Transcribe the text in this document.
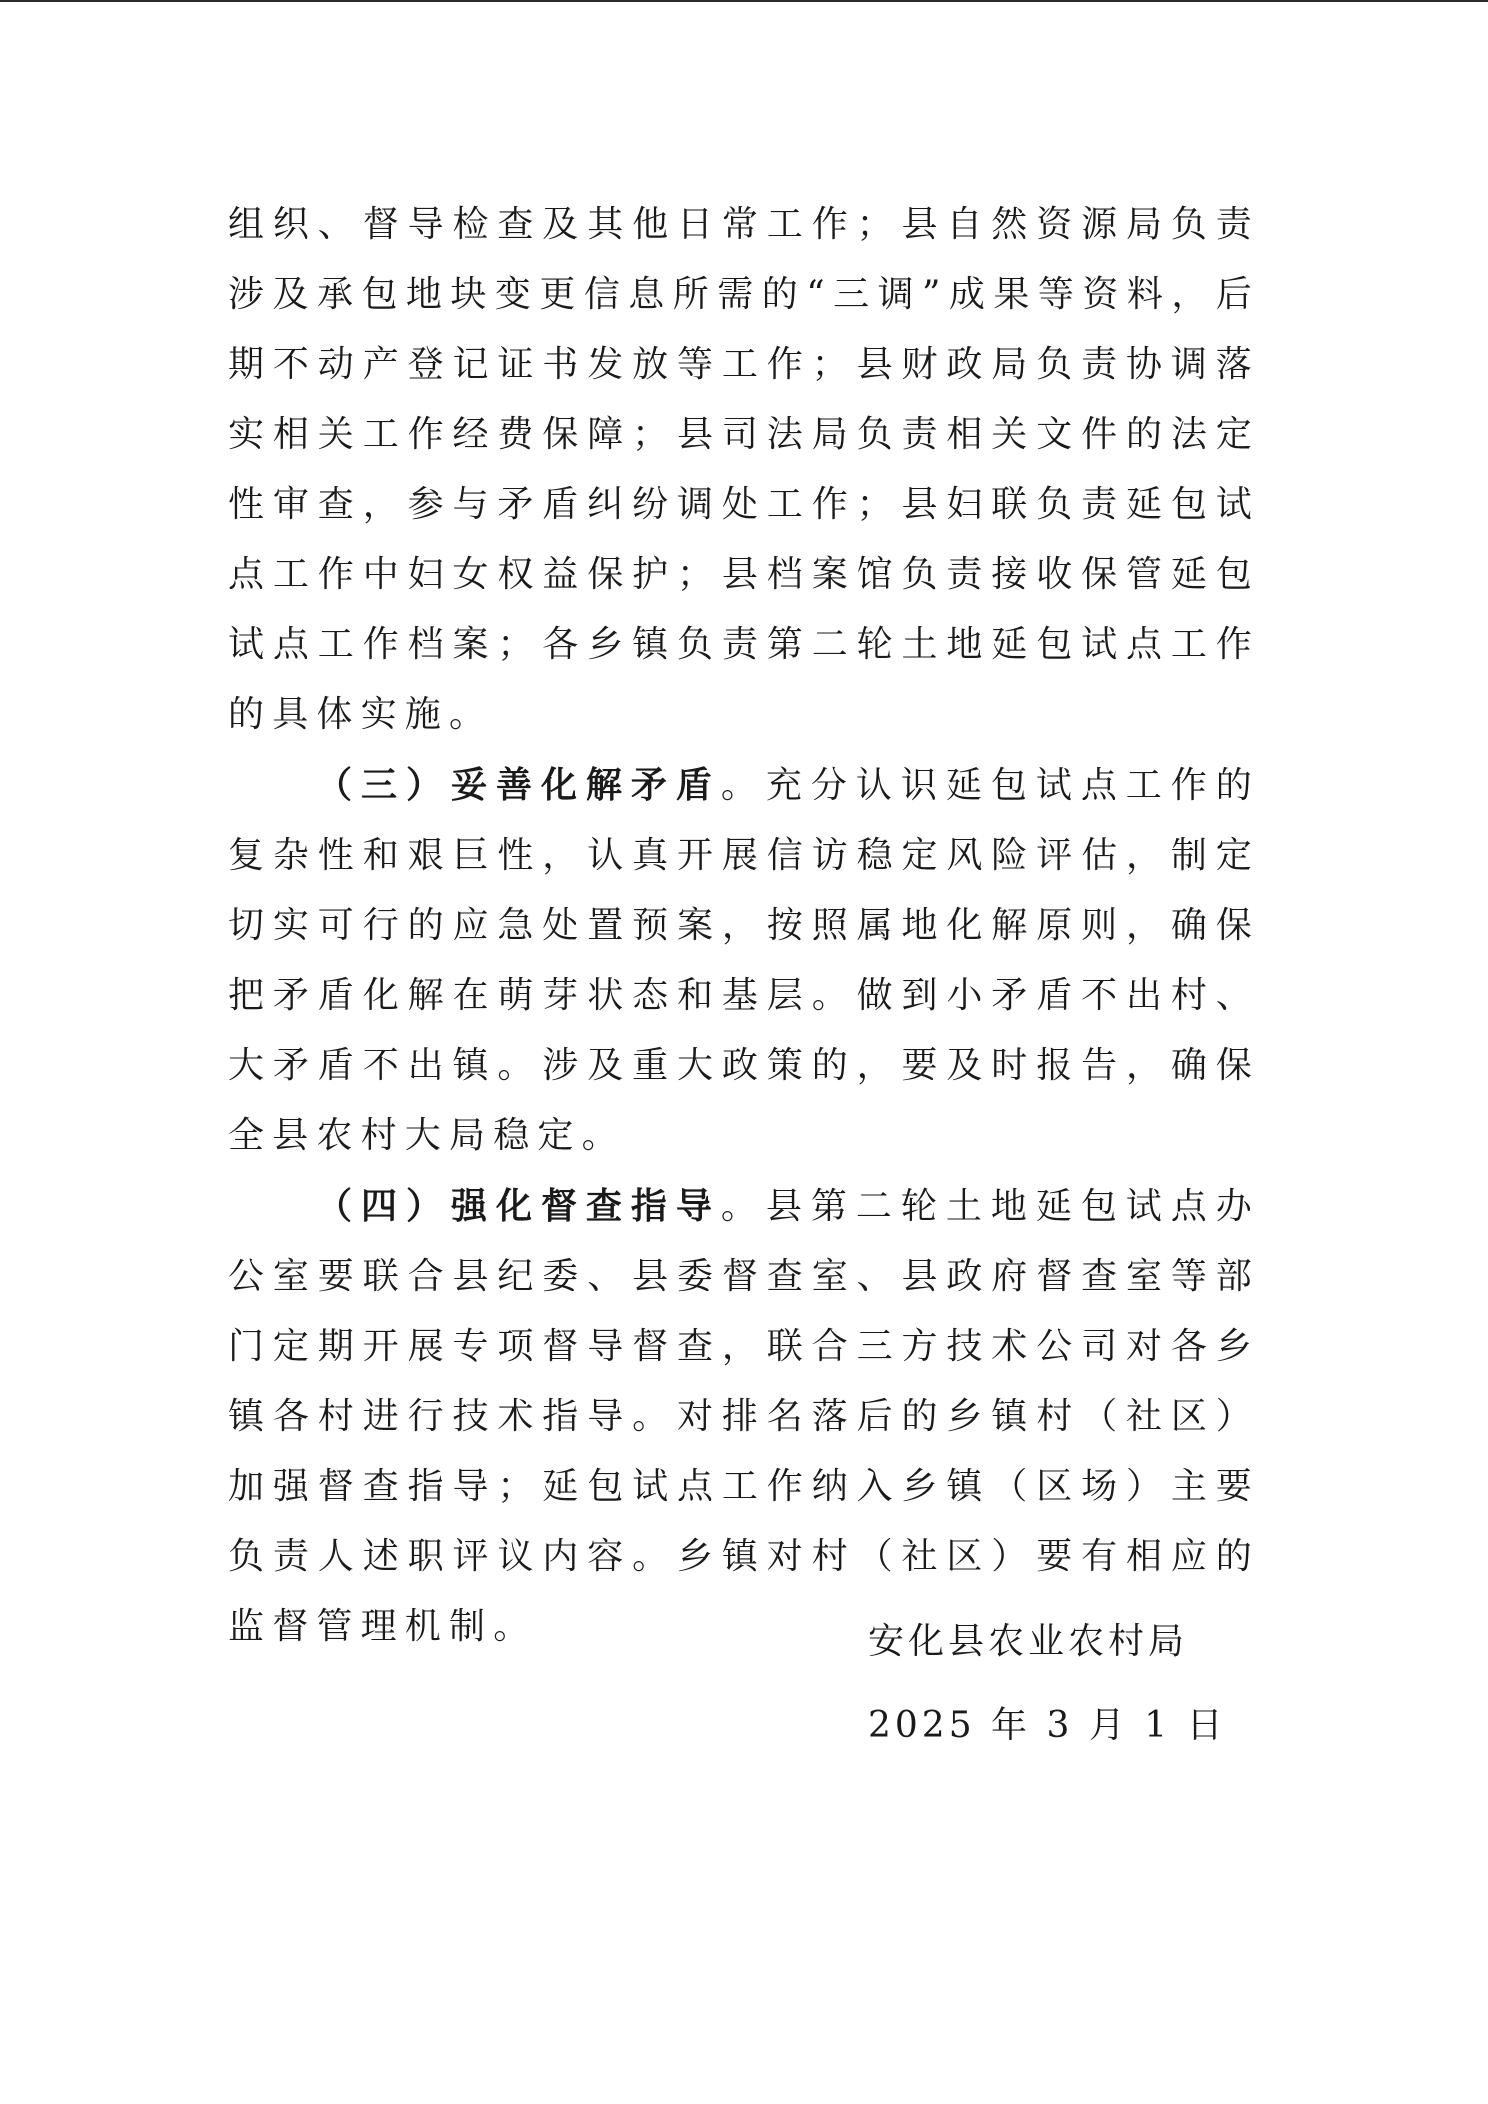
组织、督导检查及其他日常工作；县自然资源局负责涉及承包地块变更信息所需的“三调”成果等资料，后期不动产登记证书发放等工作；县财政局负责协调落实相关工作经费保障；县司法局负责相关文件的法定性审查，参与矛盾纠纷调处工作；县妇联负责延包试点工作中妇女权益保护；县档案馆负责接收保管延包试点工作档案；各乡镇负责第二轮土地延包试点工作的具体实施。

（三）妥善化解矛盾。充分认识延包试点工作的复杂性和艰巨性，认真开展信访稳定风险评估，制定切实可行的应急处置预案，按照属地化解原则，确保把矛盾化解在萌芽状态和基层。做到小矛盾不出村、大矛盾不出镇。涉及重大政策的，要及时报告，确保全县农村大局稳定。

（四）强化督查指导。县第二轮土地延包试点办公室要联合县纪委、县委督查室、县政府督查室等部门定期开展专项督导督查，联合三方技术公司对各乡镇各村进行技术指导。对排名落后的乡镇村（社区）加强督查指导；延包试点工作纳入乡镇（区场）主要负责人述职评议内容。乡镇对村（社区）要有相应的监督管理机制。	安化县农业农村局
2025 年 3 月 1 日
